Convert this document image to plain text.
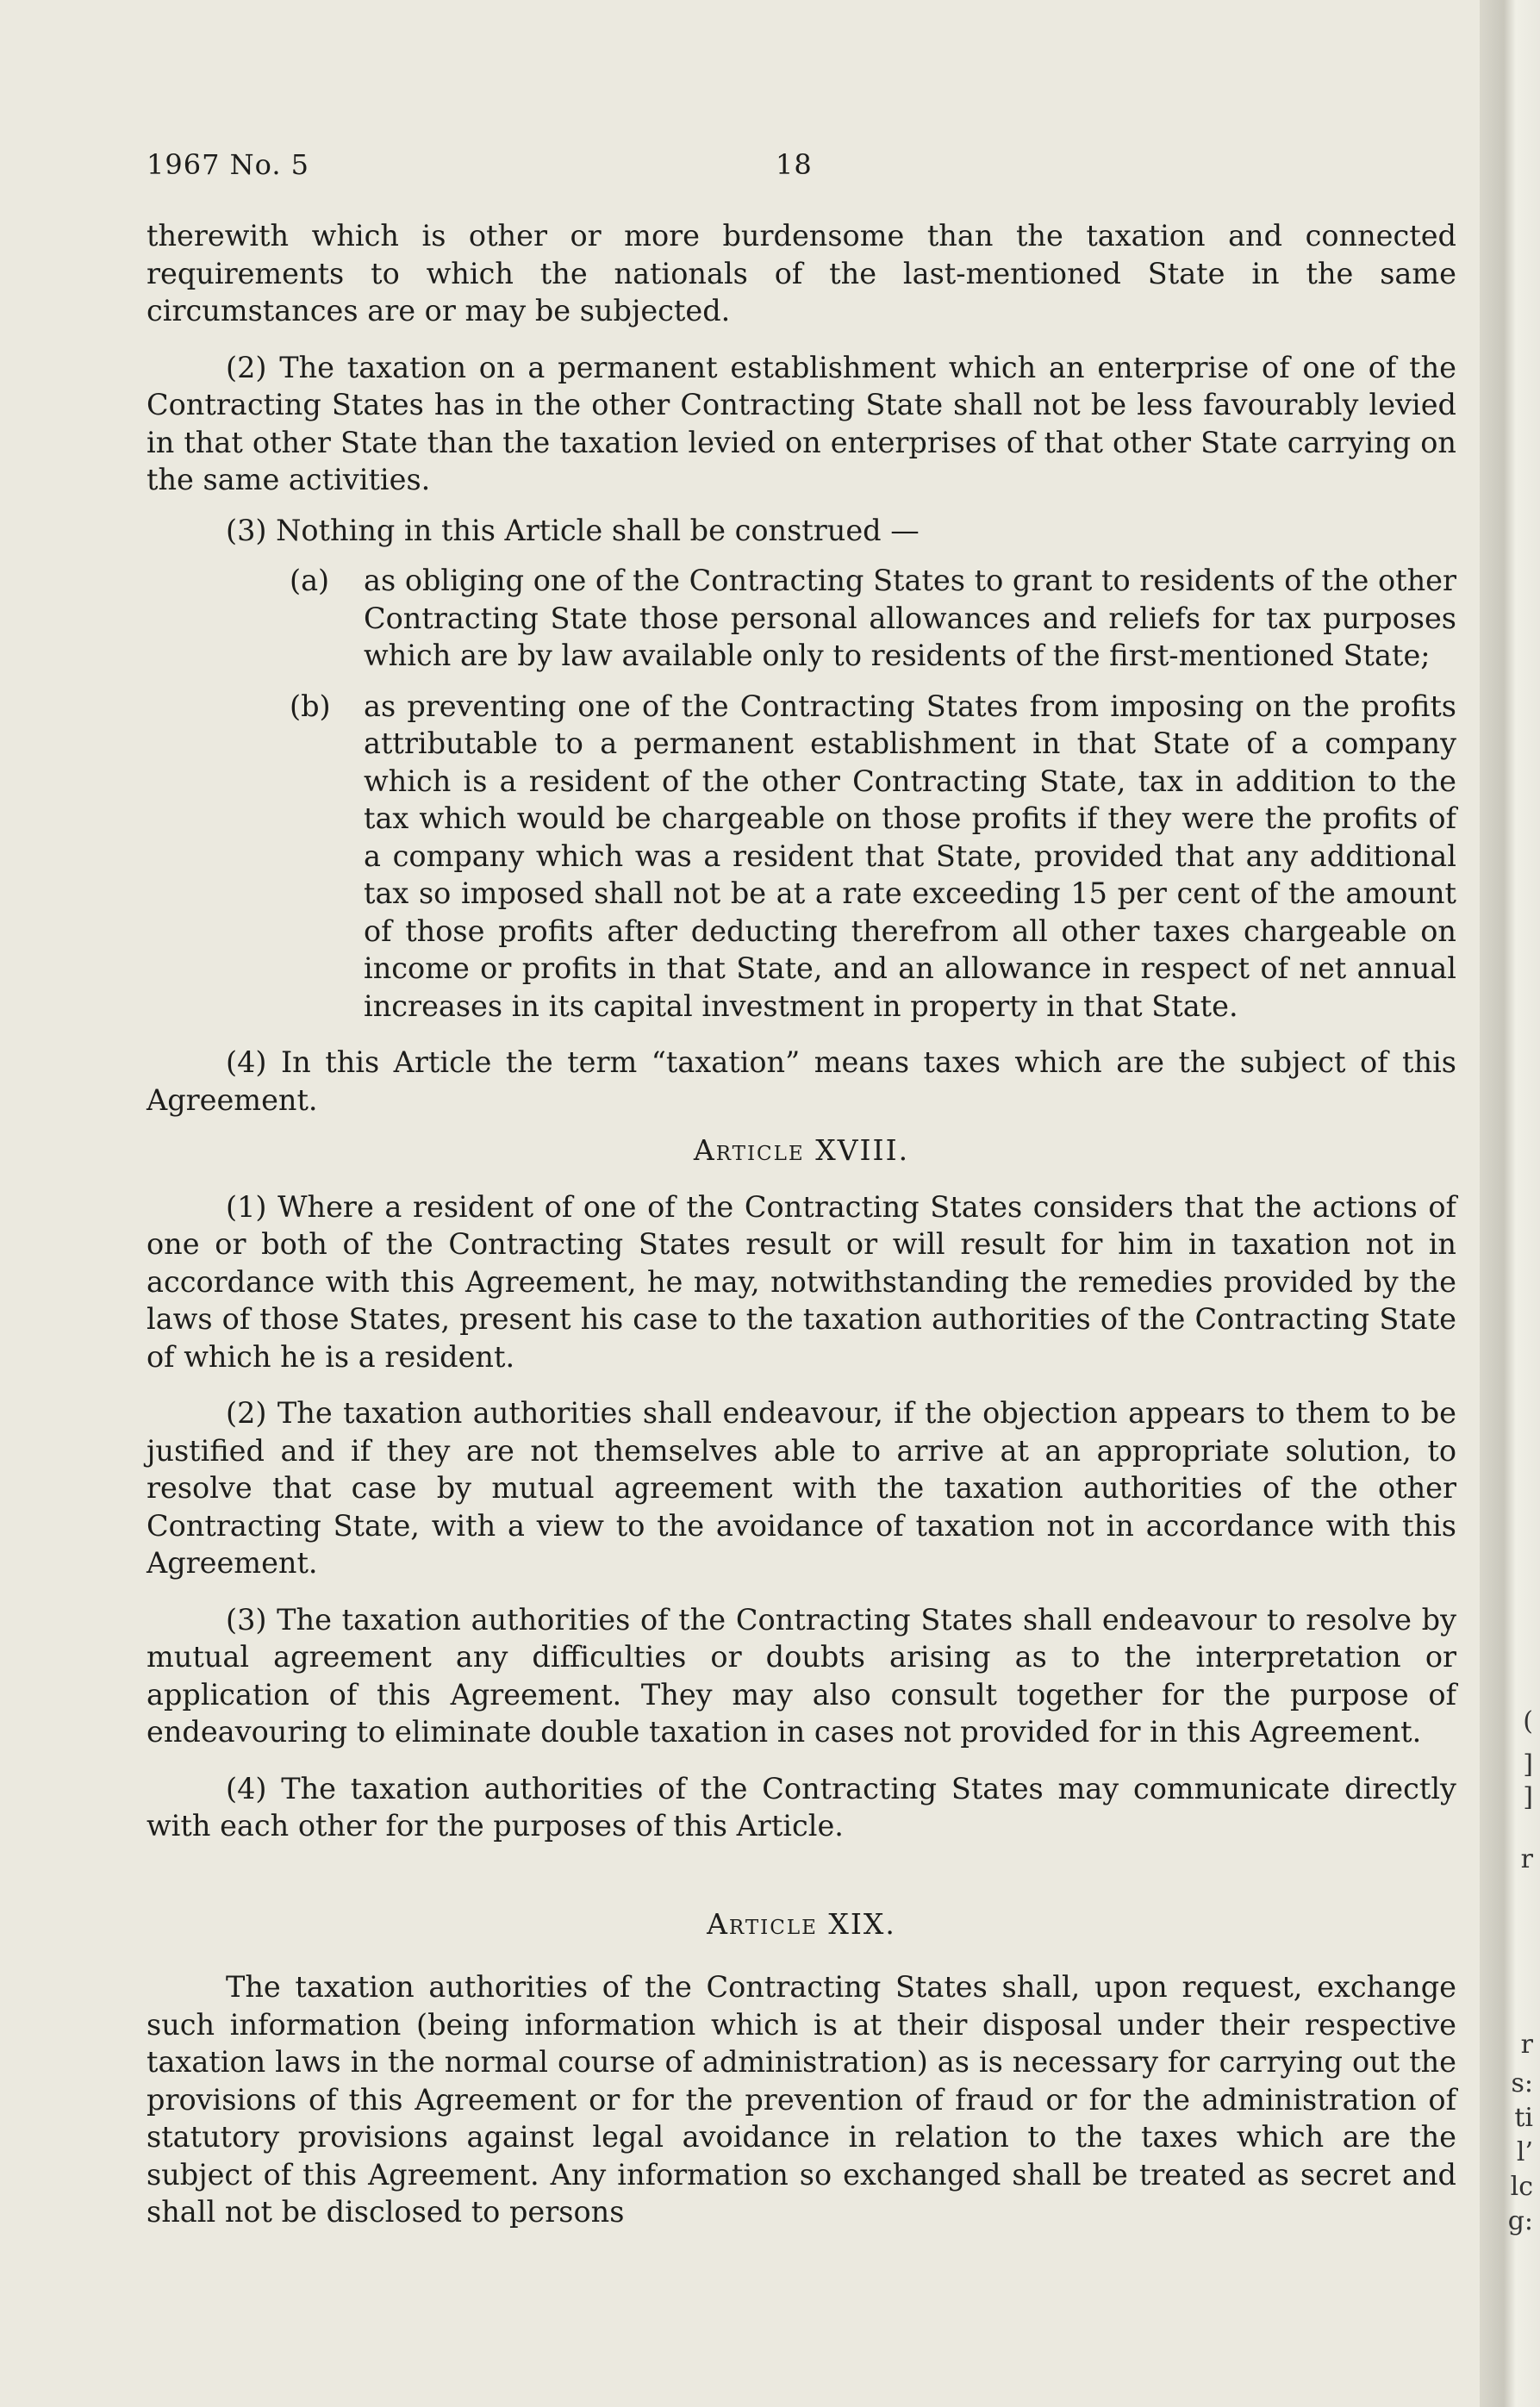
(
]
]
r
r
s:
ti
l’
lc
g:
1967 No. 5	18

therewith which is other or more burdensome than the taxation and connected requirements to which the nationals of the last-mentioned State in the same circumstances are or may be subjected.

(2) The taxation on a permanent establishment which an enterprise of one of the Contracting States has in the other Contracting State shall not be less favourably levied in that other State than the taxation levied on enterprises of that other State carrying on the same activities.

(3) Nothing in this Article shall be construed —

(a) as obliging one of the Contracting States to grant to residents of the other Contracting State those personal allowances and reliefs for tax purposes which are by law available only to residents of the first-mentioned State;
(b) as preventing one of the Contracting States from imposing on the profits attributable to a permanent establishment in that State of a company which is a resident of the other Contracting State, tax in addition to the tax which would be chargeable on those profits if they were the profits of a company which was a resident that State, provided that any additional tax so imposed shall not be at a rate exceeding 15 per cent of the amount of those profits after deducting therefrom all other taxes chargeable on income or profits in that State, and an allowance in respect of net annual increases in its capital investment in property in that State.

(4) In this Article the term “taxation” means taxes which are the subject of this Agreement.

Article XVIII.

(1) Where a resident of one of the Contracting States considers that the actions of one or both of the Contracting States result or will result for him in taxation not in accordance with this Agreement, he may, notwithstanding the remedies provided by the laws of those States, present his case to the taxation authorities of the Contracting State of which he is a resident.

(2) The taxation authorities shall endeavour, if the objection appears to them to be justified and if they are not themselves able to arrive at an appropriate solution, to resolve that case by mutual agreement with the taxation authorities of the other Contracting State, with a view to the avoidance of taxation not in accordance with this Agreement.

(3) The taxation authorities of the Contracting States shall endeavour to resolve by mutual agreement any difficulties or doubts arising as to the interpretation or application of this Agreement. They may also consult together for the purpose of endeavouring to eliminate double taxation in cases not provided for in this Agreement.

(4) The taxation authorities of the Contracting States may communicate directly with each other for the purposes of this Article.

Article XIX.

The taxation authorities of the Contracting States shall, upon request, exchange such information (being information which is at their disposal under their respective taxation laws in the normal course of administration) as is necessary for carrying out the provisions of this Agreement or for the prevention of fraud or for the administration of statutory provisions against legal avoidance in relation to the taxes which are the subject of this Agreement. Any information so exchanged shall be treated as secret and shall not be disclosed to persons
